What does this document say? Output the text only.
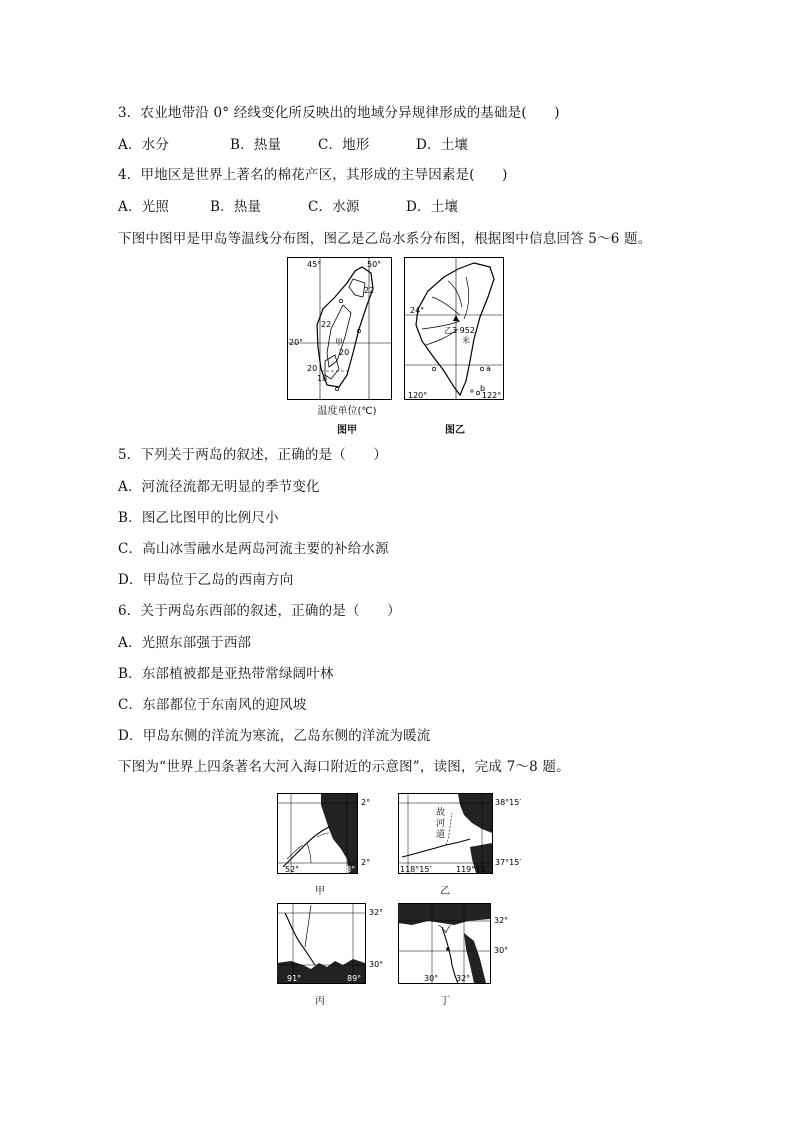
3．农业地带沿 0° 经线变化所反映出的地域分异规律形成的基础是(　　)
A．水分	B．热量	C．地形	D．土壤
4．甲地区是世界上著名的棉花产区，其形成的主导因素是(　　)
A．光照	B．热量	C．水源	D．土壤
下图中图甲是甲岛等温线分布图，图乙是乙岛水系分布图，根据图中信息回答 5～6 题。
45°	50°
20°
22
22
20
20
18
甲
温度单位(℃)
图甲
24°
乙3 952
米
a
b
120°	122°
图乙
5．下列关于两岛的叙述，正确的是（　　）
A．河流径流都无明显的季节变化
B．图乙比图甲的比例尺小
C．高山冰雪融水是两岛河流主要的补给水源
D．甲岛位于乙岛的西南方向
6．关于两岛东西部的叙述，正确的是（　　）
A．光照东部强于西部
B．东部植被都是亚热带常绿阔叶林
C．东部都位于东南风的迎风坡
D．甲岛东侧的洋流为寒流，乙岛东侧的洋流为暖流
下图为“世界上四条著名大河入海口附近的示意图”，读图，完成 7～8 题。
2°
2°
52°	48°
甲
故
河
道
38°15′
37°15′
118°15′	119°15′
乙
32°
30°
91°	89°
丙
32°
30°
30° 32°
丁
